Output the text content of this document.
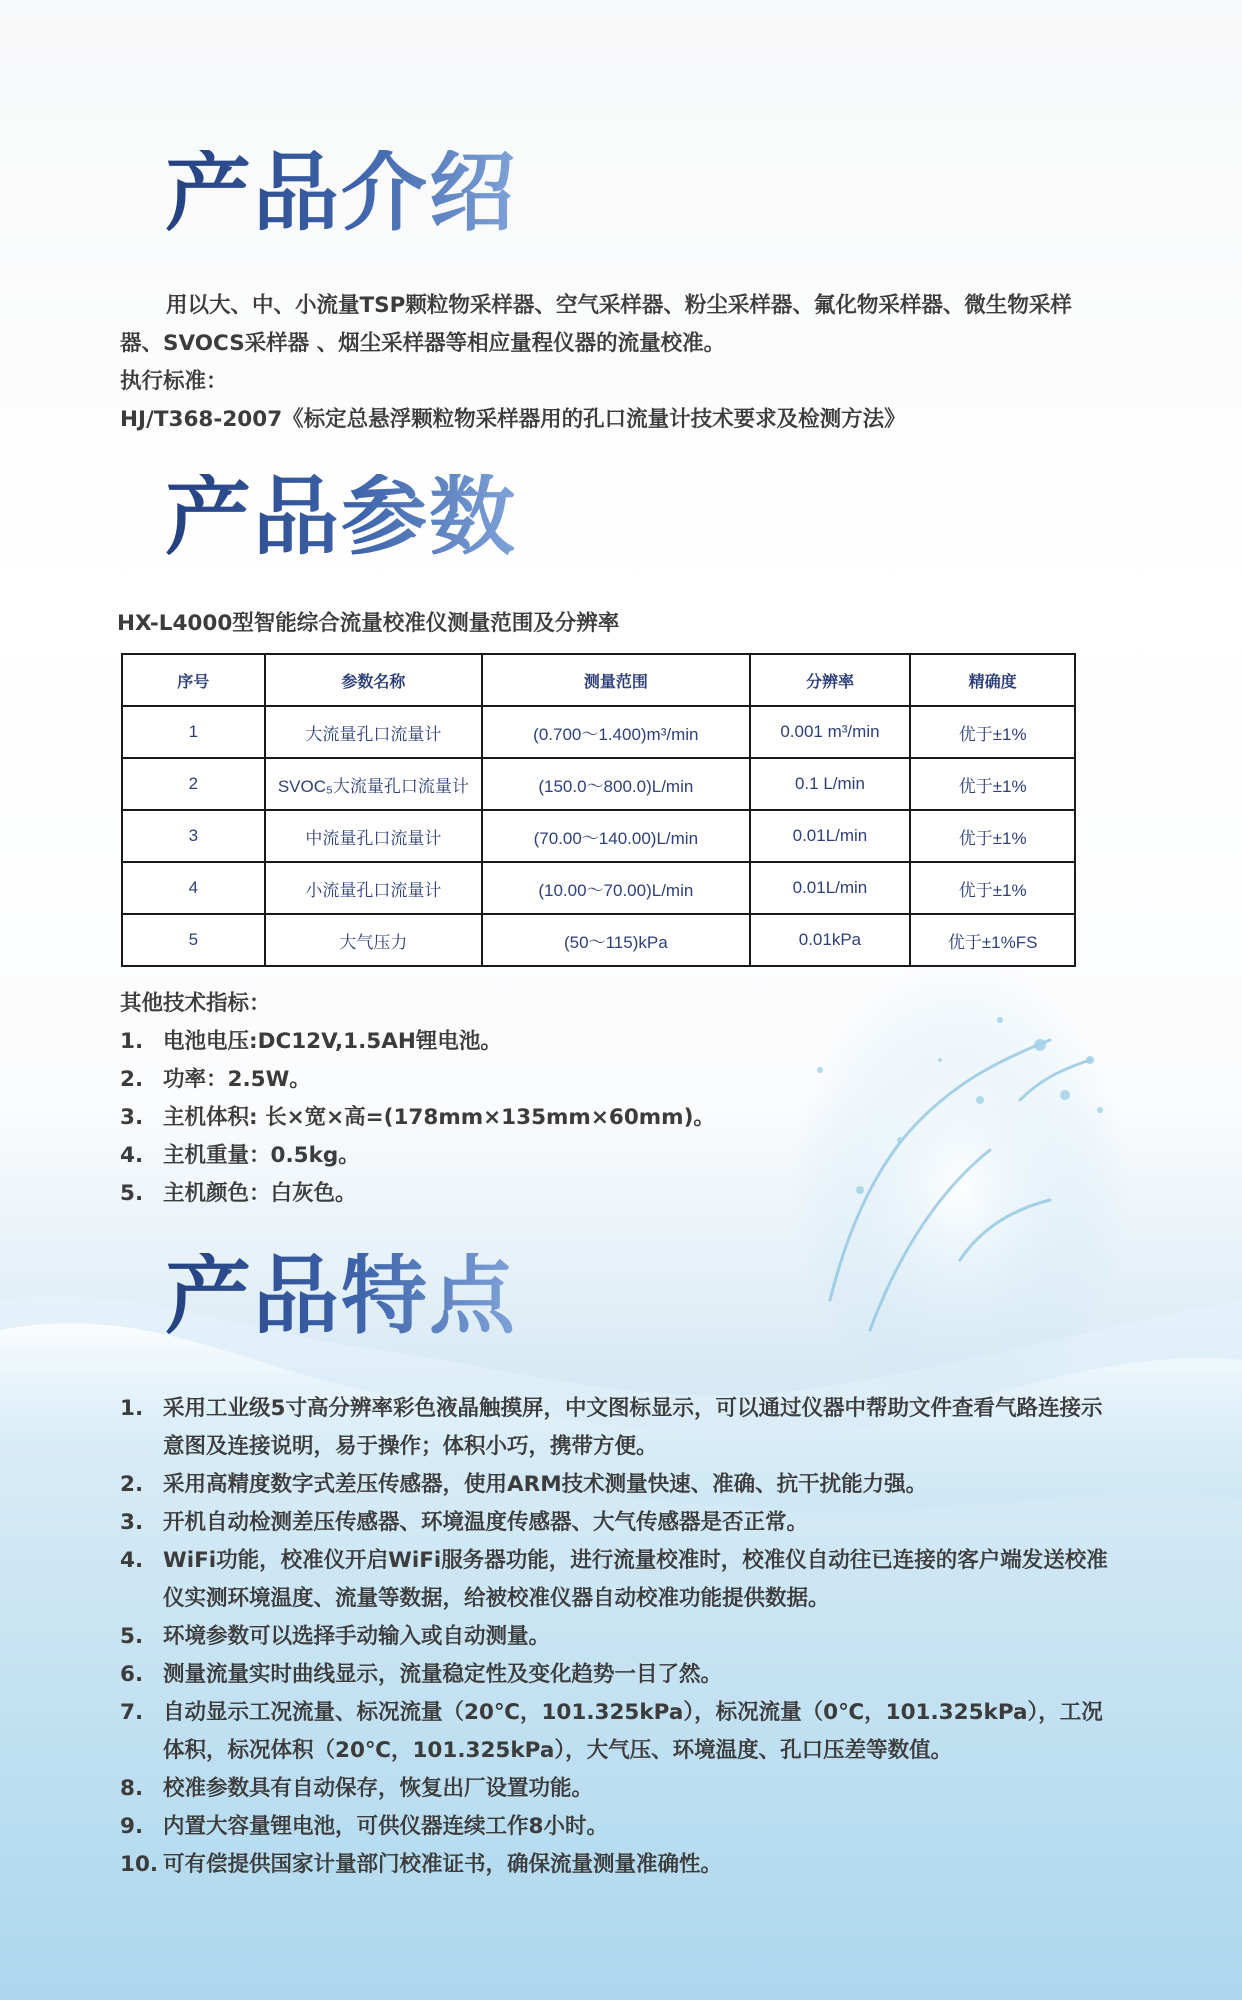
产品介绍

用以大、中、小流量TSP颗粒物采样器、空气采样器、粉尘采样器、氟化物采样器、微生物采样器、SVOCS采样器 、烟尘采样器等相应量程仪器的流量校准。

执行标准：

HJ/T368-2007《标定总悬浮颗粒物采样器用的孔口流量计技术要求及检测方法》

产品参数

HX-L4000型智能综合流量校准仪测量范围及分辨率

序号	参数名称	测量范围	分辨率	精确度
1	大流量孔口流量计	(0.700～1.400)m³/min	0.001 m³/min	优于±1%
2	SVOC₅大流量孔口流量计	(150.0～800.0)L/min	0.1 L/min	优于±1%
3	中流量孔口流量计	(70.00～140.00)L/min	0.01L/min	优于±1%
4	小流量孔口流量计	(10.00～70.00)L/min	0.01L/min	优于±1%
5	大气压力	(50～115)kPa	0.01kPa	优于±1%FS

其他技术指标：

1. 电池电压:DC12V,1.5AH锂电池。
2. 功率：2.5W。
3. 主机体积: 长×宽×高=(178mm×135mm×60mm)。
4. 主机重量：0.5kg。
5. 主机颜色：白灰色。
产品特点
1. 采用工业级5寸高分辨率彩色液晶触摸屏，中文图标显示，可以通过仪器中帮助文件查看气路连接示意图及连接说明，易于操作；体积小巧，携带方便。
2. 采用高精度数字式差压传感器，使用ARM技术测量快速、准确、抗干扰能力强。
3. 开机自动检测差压传感器、环境温度传感器、大气传感器是否正常。
4. WiFi功能，校准仪开启WiFi服务器功能，进行流量校准时，校准仪自动往已连接的客户端发送校准仪实测环境温度、流量等数据，给被校准仪器自动校准功能提供数据。
5. 环境参数可以选择手动输入或自动测量。
6. 测量流量实时曲线显示，流量稳定性及变化趋势一目了然。
7. 自动显示工况流量、标况流量（20℃，101.325kPa），标况流量（0℃，101.325kPa），工况体积，标况体积（20℃，101.325kPa），大气压、环境温度、孔口压差等数值。
8. 校准参数具有自动保存，恢复出厂设置功能。
9. 内置大容量锂电池，可供仪器连续工作8小时。
10. 可有偿提供国家计量部门校准证书，确保流量测量准确性。
